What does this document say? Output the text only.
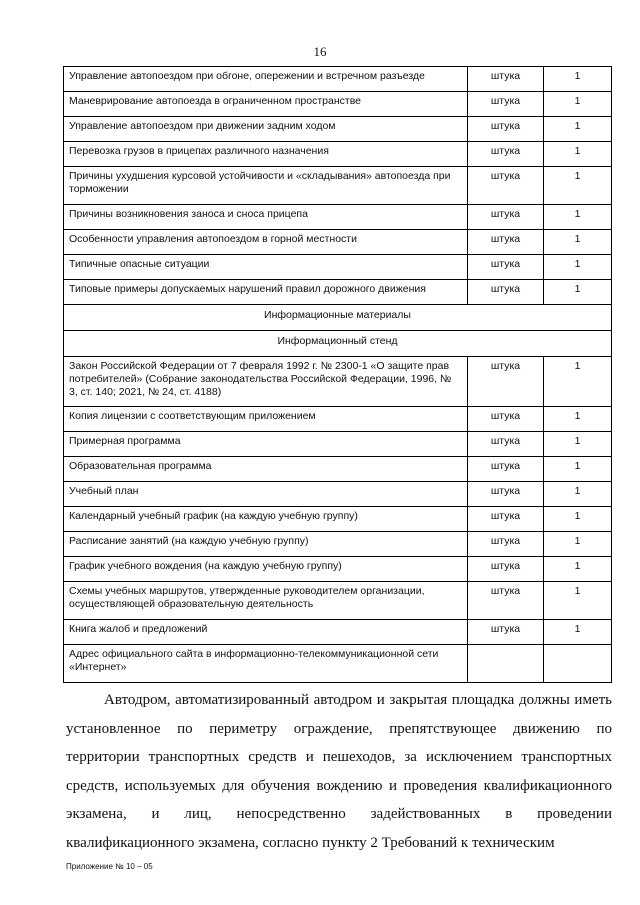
16
Управление автопоездом при обгоне, опережении и встречном разъезде	штука	1
Маневрирование автопоезда в ограниченном пространстве	штука	1
Управление автопоездом при движении задним ходом	штука	1
Перевозка грузов в прицепах различного назначения	штука	1
Причины ухудшения курсовой устойчивости и «складывания» автопоезда при торможении	штука	1
Причины возникновения заноса и сноса прицепа	штука	1
Особенности управления автопоездом в горной местности	штука	1
Типичные опасные ситуации	штука	1
Типовые примеры допускаемых нарушений правил дорожного движения	штука	1
Информационные материалы		
Информационный стенд		
Закон Российской Федерации от 7 февраля 1992 г. № 2300-1 «О защите прав потребителей» (Собрание законодательства Российской Федерации, 1996, № 3, ст. 140; 2021, № 24, ст. 4188)	штука	1
Копия лицензии с соответствующим приложением	штука	1
Примерная программа	штука	1
Образовательная программа	штука	1
Учебный план	штука	1
Календарный учебный график (на каждую учебную группу)	штука	1
Расписание занятий (на каждую учебную группу)	штука	1
График учебного вождения (на каждую учебную группу)	штука	1
Схемы учебных маршрутов, утвержденные руководителем организации, осуществляющей образовательную деятельность	штука	1
Книга жалоб и предложений	штука	1
Адрес официального сайта в информационно-телекоммуникационной сети «Интернет»		

Автодром, автоматизированный автодром и закрытая площадка должны иметь установленное по периметру ограждение, препятствующее движению по территории транспортных средств и пешеходов, за исключением транспортных средств, используемых для обучения вождению и проведения квалификационного экзамена, и лиц, непосредственно задействованных в проведении квалификационного экзамена, согласно пункту 2 Требований к техническим

Приложение № 10 – 05
